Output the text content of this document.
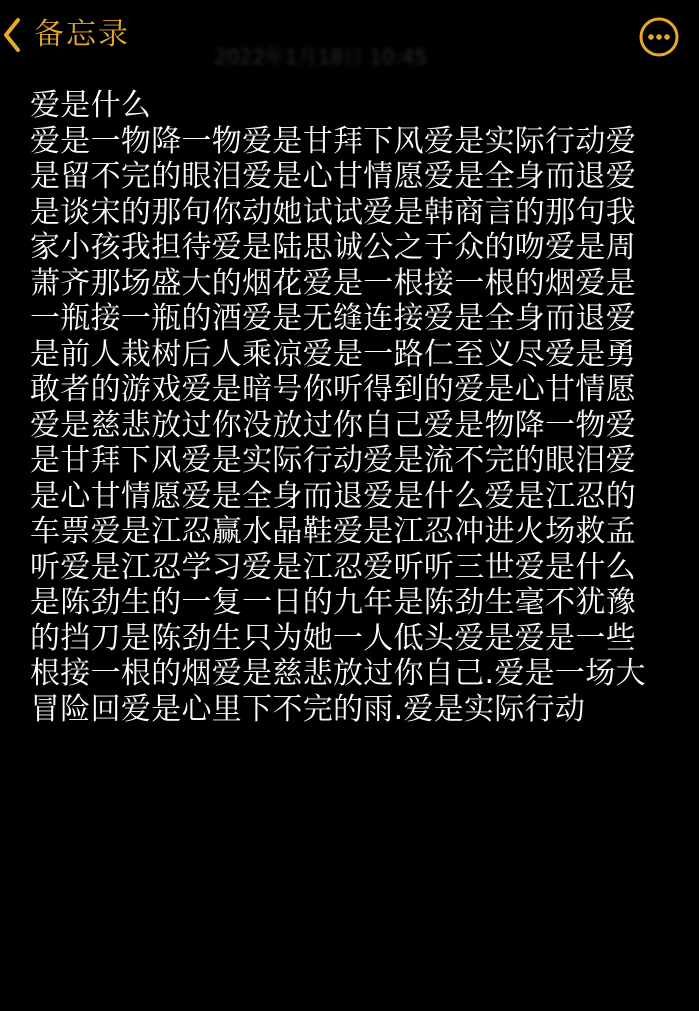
备忘录
2022年1月18日 10:45
爱是什么
爱是一物降一物爱是甘拜下风爱是实际行动爱
是留不完的眼泪爱是心甘情愿爱是全身而退爱
是谈宋的那句你动她试试爱是韩商言的那句我
家小孩我担待爱是陆思诚公之于众的吻爱是周
萧齐那场盛大的烟花爱是一根接一根的烟爱是
一瓶接一瓶的酒爱是无缝连接爱是全身而退爱
是前人栽树后人乘凉爱是一路仁至义尽爱是勇
敢者的游戏爱是暗号你听得到的爱是心甘情愿
爱是慈悲放过你没放过你自己爱是物降一物爱
是甘拜下风爱是实际行动爱是流不完的眼泪爱
是心甘情愿爱是全身而退爱是什么爱是江忍的
车票爱是江忍赢水晶鞋爱是江忍冲进火场救孟
听爱是江忍学习爱是江忍爱听听三世爱是什么
是陈劲生的一复一日的九年是陈劲生毫不犹豫
的挡刀是陈劲生只为她一人低头爱是爱是一些
根接一根的烟爱是慈悲放过你自己.爱是一场大
冒险回爱是心里下不完的雨.爱是实际行动
